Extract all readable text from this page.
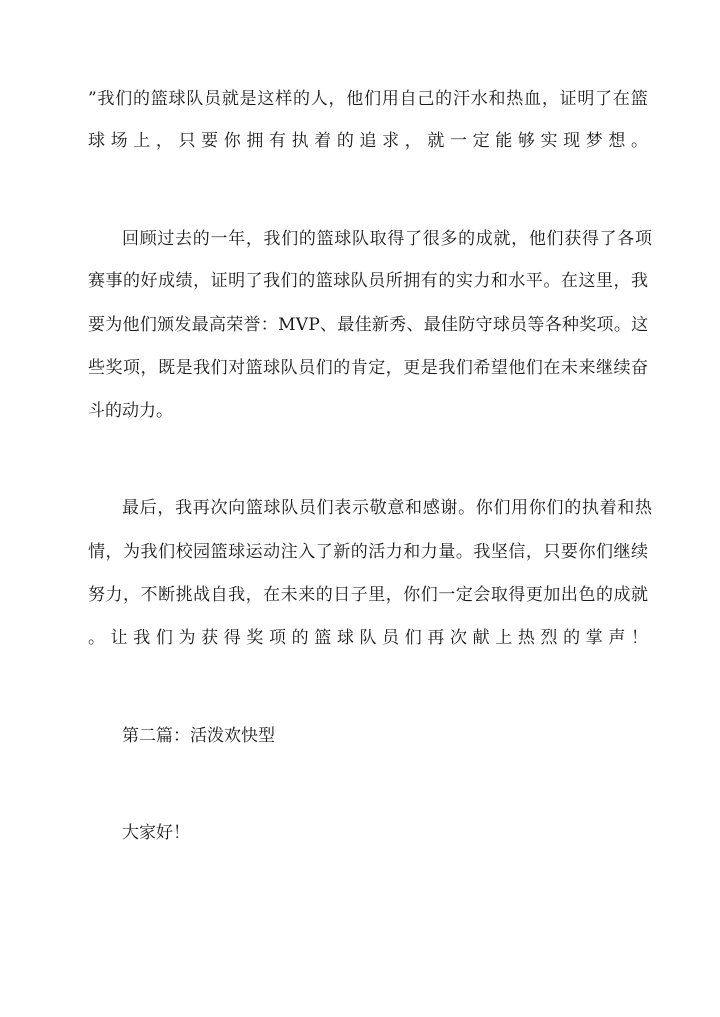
”我们的篮球队员就是这样的人，他们用自己的汗水和热血，证明了在篮
球场上，只要你拥有执着的追求，就一定能够实现梦想。
回顾过去的一年，我们的篮球队取得了很多的成就，他们获得了各项
赛事的好成绩，证明了我们的篮球队员所拥有的实力和水平。在这里，我
要为他们颁发最高荣誉：MVP、最佳新秀、最佳防守球员等各种奖项。这
些奖项，既是我们对篮球队员们的肯定，更是我们希望他们在未来继续奋
斗的动力。
最后，我再次向篮球队员们表示敬意和感谢。你们用你们的执着和热
情，为我们校园篮球运动注入了新的活力和力量。我坚信，只要你们继续
努力，不断挑战自我，在未来的日子里，你们一定会取得更加出色的成就
。让我们为获得奖项的篮球队员们再次献上热烈的掌声！
第二篇：活泼欢快型
大家好！
